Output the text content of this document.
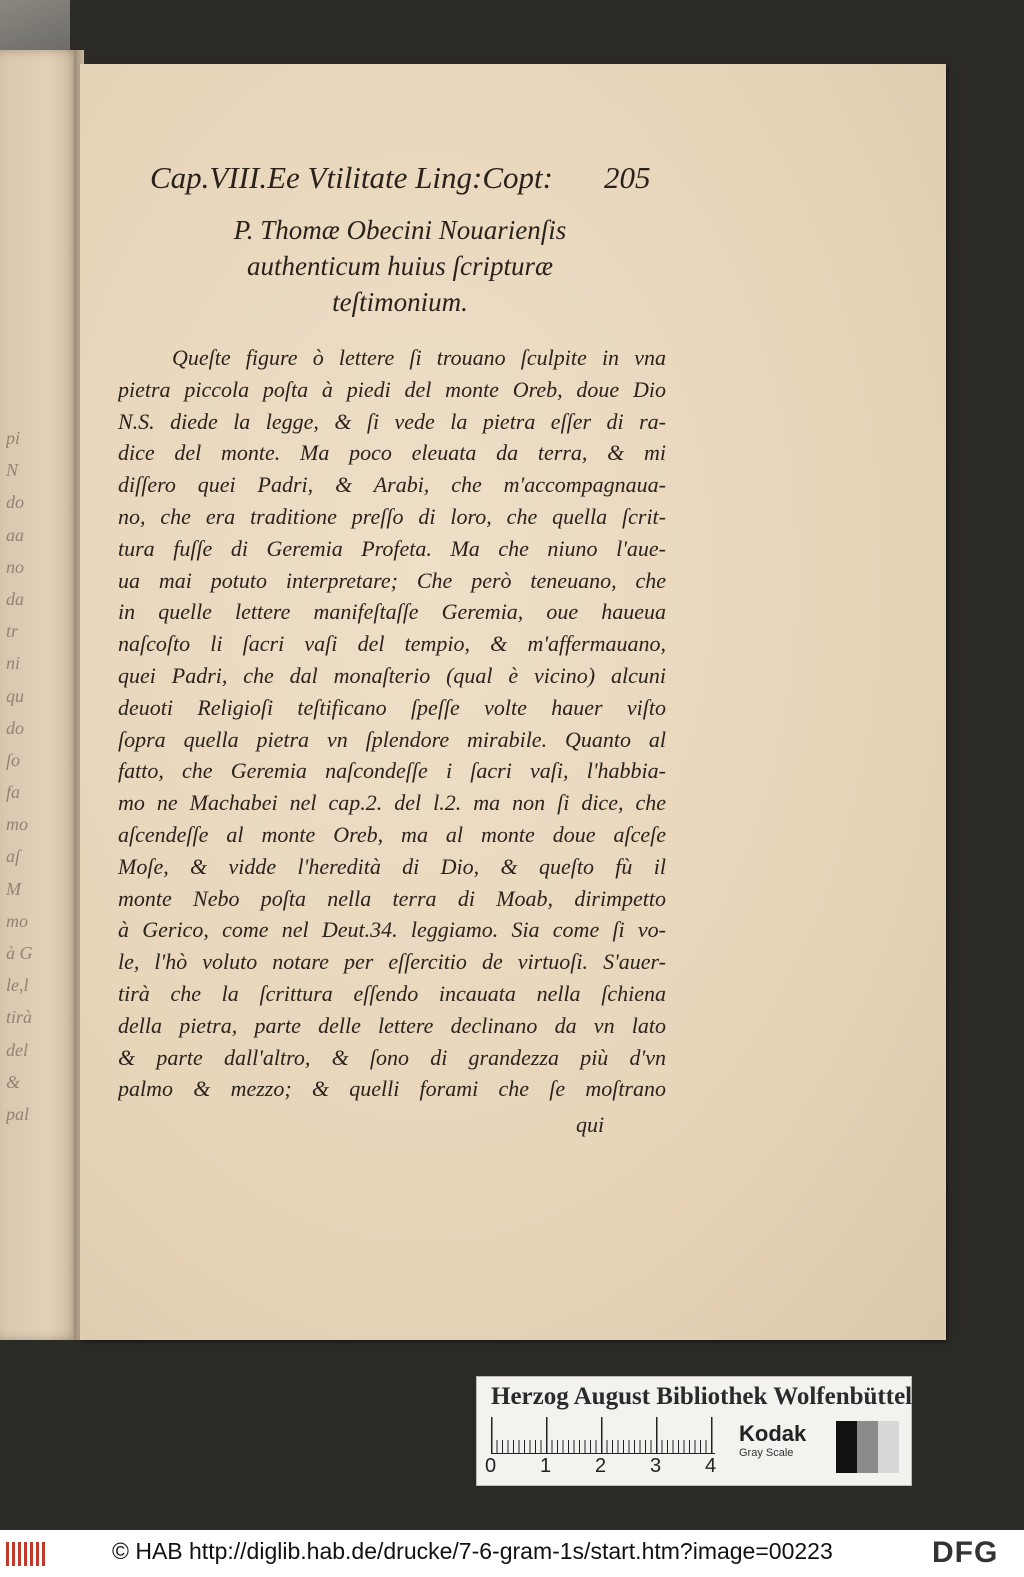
pi
N
do
aa
no
da
tr
ni
qu
do
ſo
fa
mo
aſ
M
mo
à G
le,l
tirà
del
&
pal
Cap.VIII.Ee Vtilitate Ling:Copt: 205
P. Thomæ Obecini Nouarienſis
authenticum huius ſcripturæ
teſtimonium.
Queſte figure ò lettere ſi trouano ſculpite in vna
pietra piccola poſta à piedi del monte Oreb, doue Dio
N.S. diede la legge, & ſi vede la pietra eſſer di ra-
dice del monte. Ma poco eleuata da terra, & mi
diſſero quei Padri, & Arabi, che m'accompagnaua-
no, che era traditione preſſo di loro, che quella ſcrit-
tura fuſſe di Geremia Profeta. Ma che niuno l'aue-
ua mai potuto interpretare; Che però teneuano, che
in quelle lettere manifeſtaſſe Geremia, oue haueua
naſcoſto li ſacri vaſi del tempio, & m'affermauano,
quei Padri, che dal monaſterio (qual è vicino) alcuni
deuoti Religioſi teſtificano ſpeſſe volte hauer viſto
ſopra quella pietra vn ſplendore mirabile. Quanto al
fatto, che Geremia naſcondeſſe i ſacri vaſi, l'habbia-
mo ne Machabei nel cap.2. del l.2. ma non ſi dice, che
aſcendeſſe al monte Oreb, ma al monte doue aſceſe
Moſe, & vidde l'heredità di Dio, & queſto fù il
monte Nebo poſta nella terra di Moab, dirimpetto
à Gerico, come nel Deut.34. leggiamo. Sia come ſi vo-
le, l'hò voluto notare per eſſercitio de virtuoſi. S'auer-
tirà che la ſcrittura eſſendo incauata nella ſchiena
della pietra, parte delle lettere declinano da vn lato
& parte dall'altro, & ſono di grandezza più d'vn
palmo & mezzo; & quelli forami che ſe moſtrano
qui
Herzog August Bibliothek Wolfenbüttel
0 1 2 3 4
Kodak
Gray Scale
© HAB http://diglib.hab.de/drucke/7-6-gram-1s/start.htm?image=00223	DFG
